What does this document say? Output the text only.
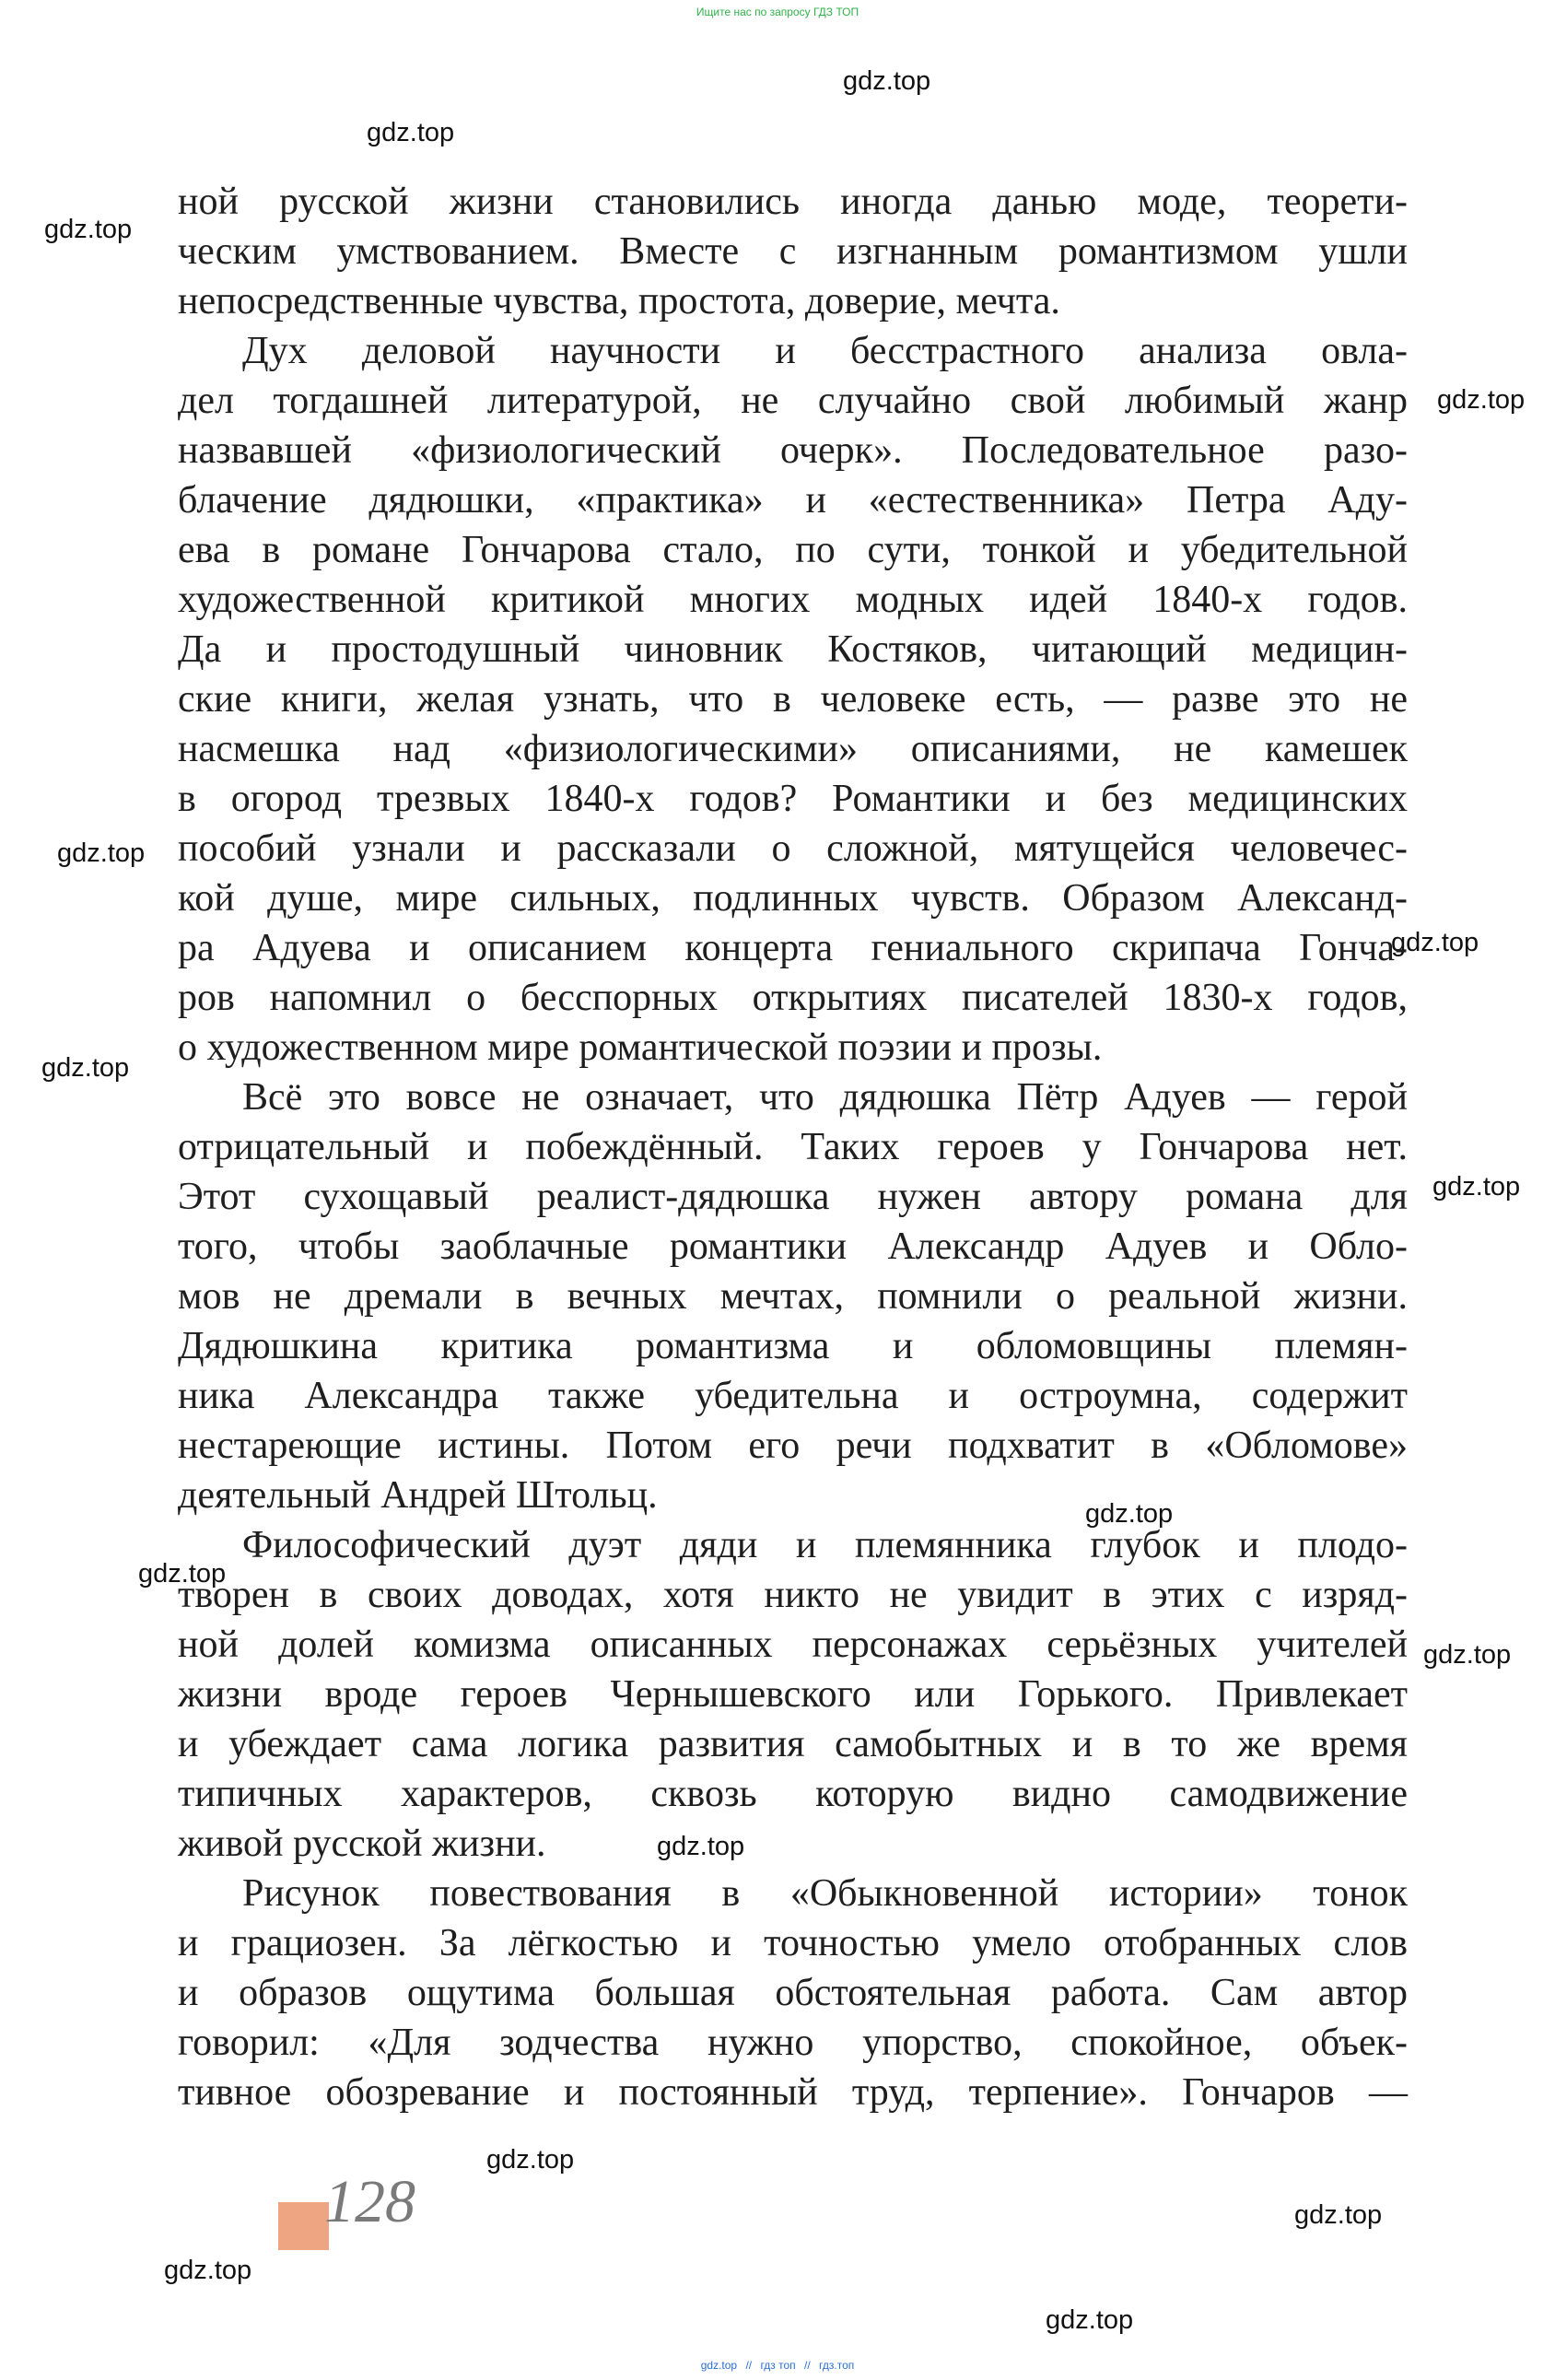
Ищите нас по запросу ГДЗ ТОП
gdz.top
gdz.top
gdz.top
gdz.top
gdz.top
gdz.top
gdz.top
gdz.top
gdz.top
gdz.top
gdz.top
gdz.top
gdz.top
gdz.top
gdz.top
gdz.top
ной русской жизни становились иногда данью моде, теорети-
ческим умствованием. Вместе с изгнанным романтизмом ушли
непосредственные чувства, простота, доверие, мечта.
Дух деловой научности и бесстрастного анализа овла-
дел тогдашней литературой, не случайно свой любимый жанр
назвавшей «физиологический очерк». Последовательное разо-
блачение дядюшки, «практика» и «естественника» Петра Аду-
ева в романе Гончарова стало, по сути, тонкой и убедительной
художественной критикой многих модных идей 1840-х годов.
Да и простодушный чиновник Костяков, читающий медицин-
ские книги, желая узнать, что в человеке есть, — разве это не
насмешка над «физиологическими» описаниями, не камешек
в огород трезвых 1840-х годов? Романтики и без медицинских
пособий узнали и рассказали о сложной, мятущейся человечес-
кой душе, мире сильных, подлинных чувств. Образом Александ-
ра Адуева и описанием концерта гениального скрипача Гонча-
ров напомнил о бесспорных открытиях писателей 1830-х годов,
о художественном мире романтической поэзии и прозы.
Всё это вовсе не означает, что дядюшка Пётр Адуев — герой
отрицательный и побеждённый. Таких героев у Гончарова нет.
Этот сухощавый реалист-дядюшка нужен автору романа для
того, чтобы заоблачные романтики Александр Адуев и Обло-
мов не дремали в вечных мечтах, помнили о реальной жизни.
Дядюшкина критика романтизма и обломовщины племян-
ника Александра также убедительна и остроумна, содержит
нестареющие истины. Потом его речи подхватит в «Обломове»
деятельный Андрей Штольц.
Философический дуэт дяди и племянника глубок и плодо-
творен в своих доводах, хотя никто не увидит в этих с изряд-
ной долей комизма описанных персонажах серьёзных учителей
жизни вроде героев Чернышевского или Горького. Привлекает
и убеждает сама логика развития самобытных и в то же время
типичных характеров, сквозь которую видно самодвижение
живой русской жизни.
Рисунок повествования в «Обыкновенной истории» тонок
и грациозен. За лёгкостью и точностью умело отобранных слов
и образов ощутима большая обстоятельная работа. Сам автор
говорил: «Для зодчества нужно упорство, спокойное, объек-
тивное обозревание и постоянный труд, терпение». Гончаров —
128
gdz.top // гдз топ // гдз.топ
